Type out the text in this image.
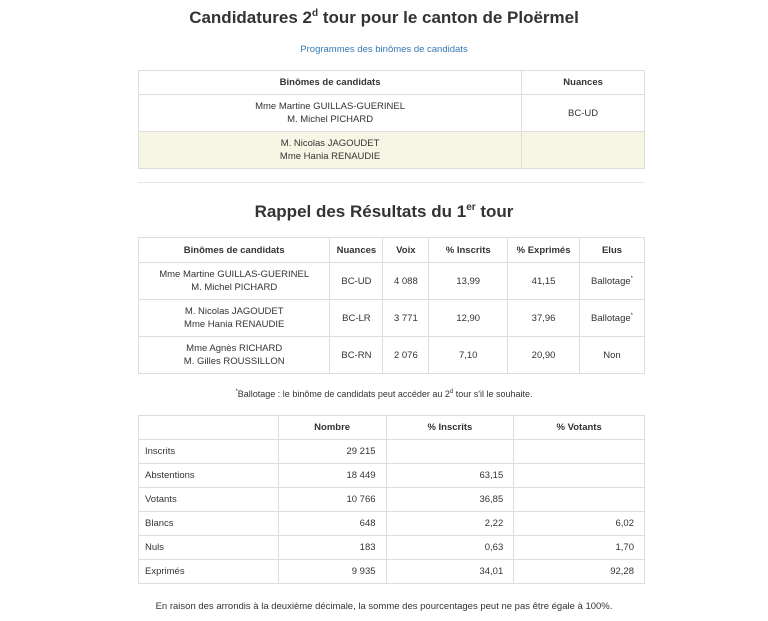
Candidatures 2$^d$ tour pour le canton de Ploërmel
Programmes des binômes de candidats
Binômes de candidats	Nuances
Mme Martine GUILLAS-GUERINEL
M. Michel PICHARD	BC-UD
M. Nicolas JAGOUDET
Mme Hania RENAUDIE	
Rappel des Résultats du 1er tour
Binômes de candidats	Nuances	Voix	% Inscrits	% Exprimés	Elus
Mme Martine GUILLAS-GUERINEL
M. Michel PICHARD	BC-UD	4 088	13,99	41,15	Ballotage*
M. Nicolas JAGOUDET
Mme Hania RENAUDIE	BC-LR	3 771	12,90	37,96	Ballotage*
Mme Agnès RICHARD
M. Gilles ROUSSILLON	BC-RN	2 076	7,10	20,90	Non
*Ballotage : le binôme de candidats peut accéder au 2$^d$ tour s'il le souhaite.
	Nombre	% Inscrits	% Votants
Inscrits	29 215		
Abstentions	18 449	63,15	
Votants	10 766	36,85	
Blancs	648	2,22	6,02
Nuls	183	0,63	1,70
Exprimés	9 935	34,01	92,28
En raison des arrondis à la deuxième décimale, la somme des pourcentages peut ne pas être égale à 100%.
